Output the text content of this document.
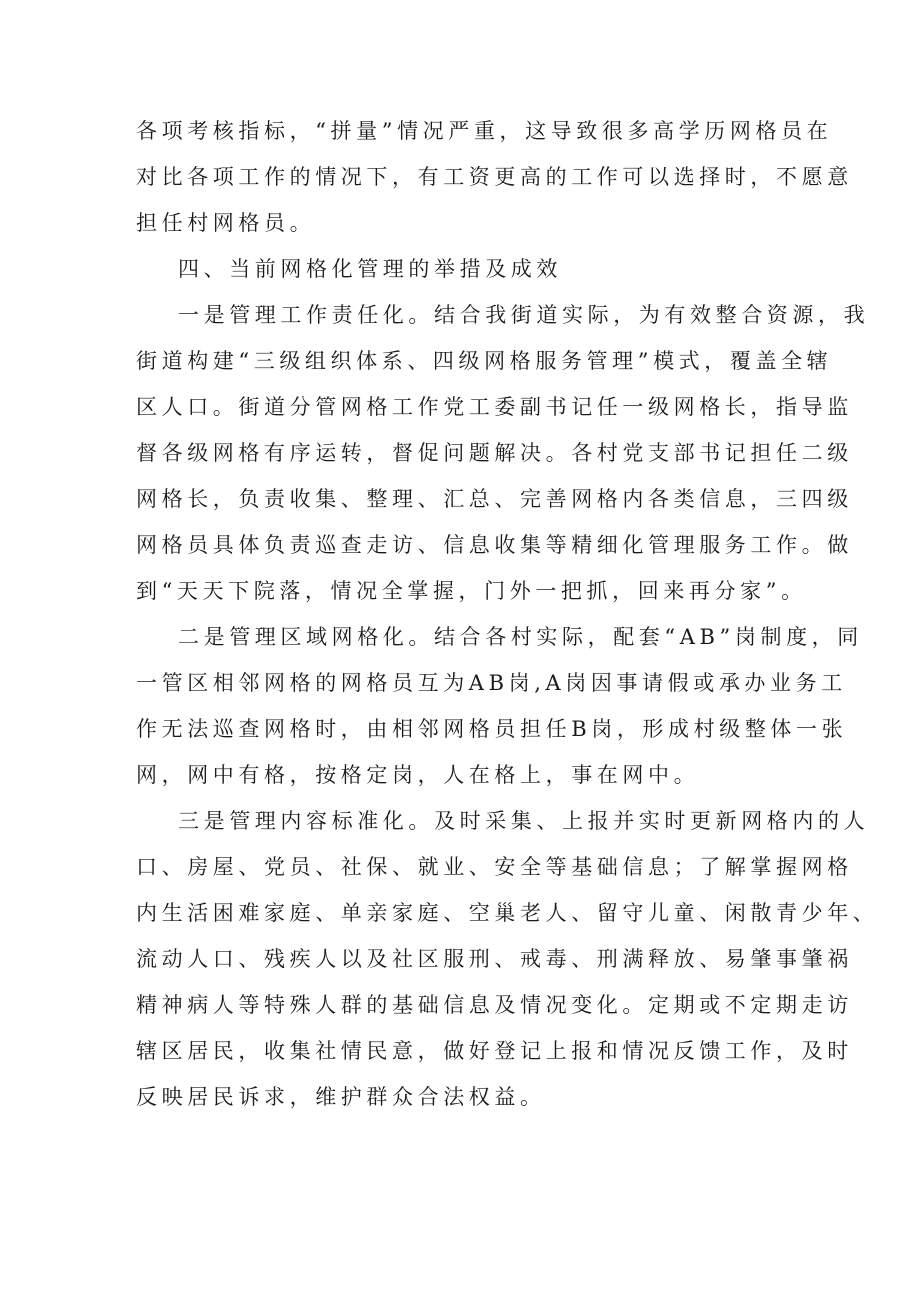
各项考核指标，“拼量”情况严重，这导致很多高学历网格员在
对比各项工作的情况下，有工资更高的工作可以选择时，不愿意
担任村网格员。
四、当前网格化管理的举措及成效
一是管理工作责任化。结合我街道实际，为有效整合资源，我
街道构建“三级组织体系、四级网格服务管理”模式，覆盖全辖
区人口。街道分管网格工作党工委副书记任一级网格长，指导监
督各级网格有序运转，督促问题解决。各村党支部书记担任二级
网格长，负责收集、整理、汇总、完善网格内各类信息，三四级
网格员具体负责巡查走访、信息收集等精细化管理服务工作。做
到“天天下院落，情况全掌握，门外一把抓，回来再分家”。
二是管理区域网格化。结合各村实际，配套“AB”岗制度，同
一管区相邻网格的网格员互为AB岗,A岗因事请假或承办业务工
作无法巡查网格时，由相邻网格员担任B岗，形成村级整体一张
网，网中有格，按格定岗，人在格上，事在网中。
三是管理内容标准化。及时采集、上报并实时更新网格内的人
口、房屋、党员、社保、就业、安全等基础信息；了解掌握网格
内生活困难家庭、单亲家庭、空巢老人、留守儿童、闲散青少年、
流动人口、残疾人以及社区服刑、戒毒、刑满释放、易肇事肇祸
精神病人等特殊人群的基础信息及情况变化。定期或不定期走访
辖区居民，收集社情民意，做好登记上报和情况反馈工作，及时
反映居民诉求，维护群众合法权益。
